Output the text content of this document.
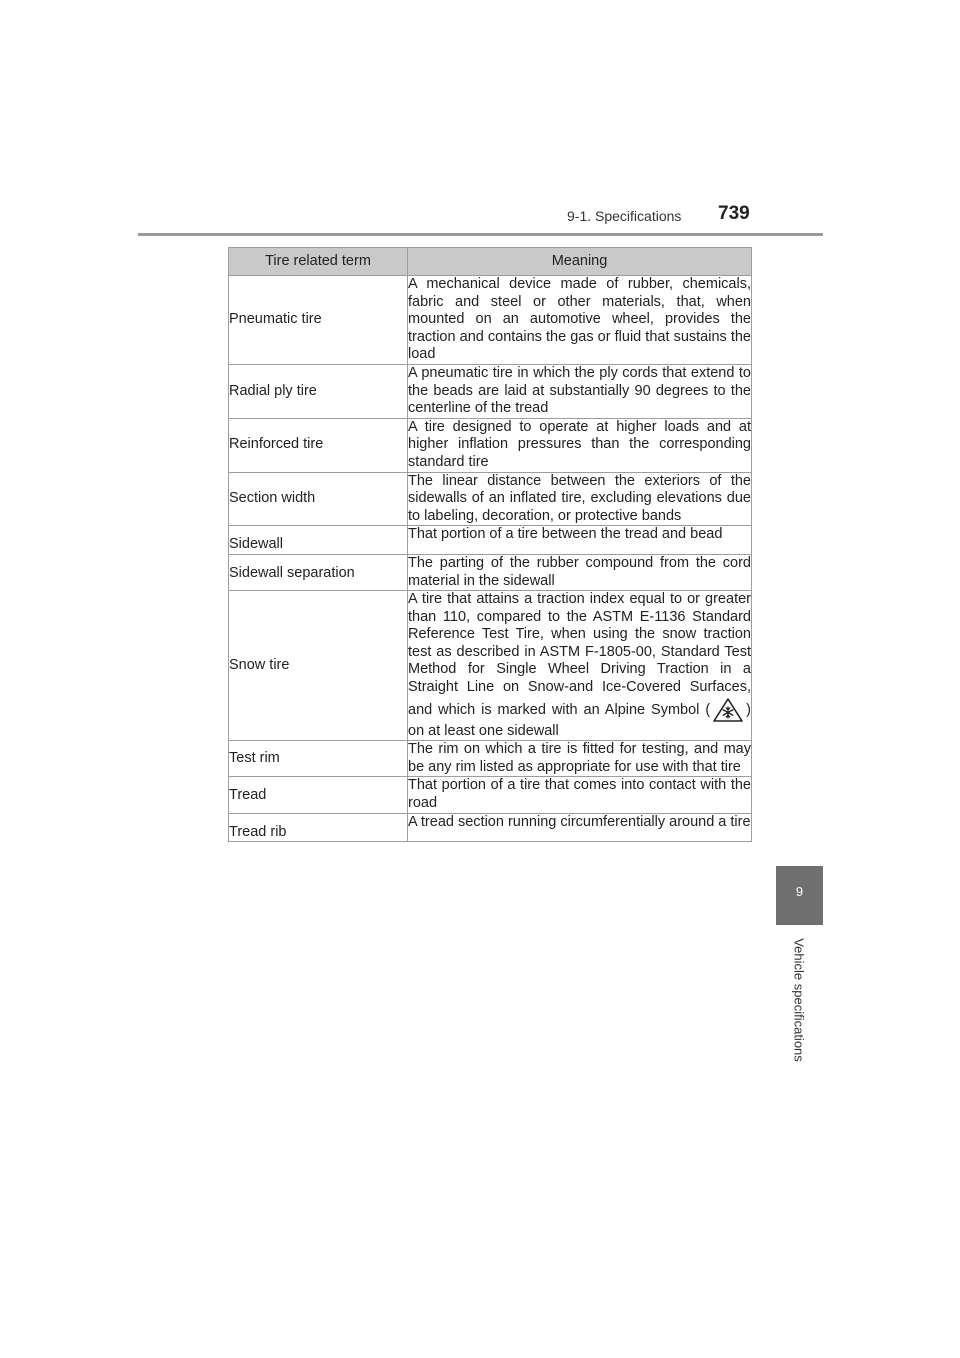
9-1. Specifications 739
9
Vehicle specifications
Tire related term	Meaning
Pneumatic tire	A mechanical device made of rubber, chemicals, fabric and steel or other materials, that, when mounted on an automotive wheel, provides the traction and contains the gas or fluid that sustains the load
Radial ply tire	A pneumatic tire in which the ply cords that extend to the beads are laid at substantially 90 degrees to the centerline of the tread
Reinforced tire	A tire designed to operate at higher loads and at higher inflation pressures than the corresponding standard tire
Section width	The linear distance between the exteriors of the sidewalls of an inflated tire, excluding elevations due to labeling, decoration, or protective bands
Sidewall	That portion of a tire between the tread and bead
Sidewall separation	The parting of the rubber compound from the cord material in the sidewall
Snow tire	A tire that attains a traction index equal to or greater than 110, compared to the ASTM E-1136 Standard Reference Test Tire, when using the snow traction test as described in ASTM F-1805-00, Standard Test Method for Single Wheel Driving Traction in a Straight Line on Snow-and Ice-Covered Surfaces, and which is marked with an Alpine Symbol ( ) on at least one sidewall
Test rim	The rim on which a tire is fitted for testing, and may be any rim listed as appropriate for use with that tire
Tread	That portion of a tire that comes into contact with the road
Tread rib	A tread section running circumferentially around a tire
